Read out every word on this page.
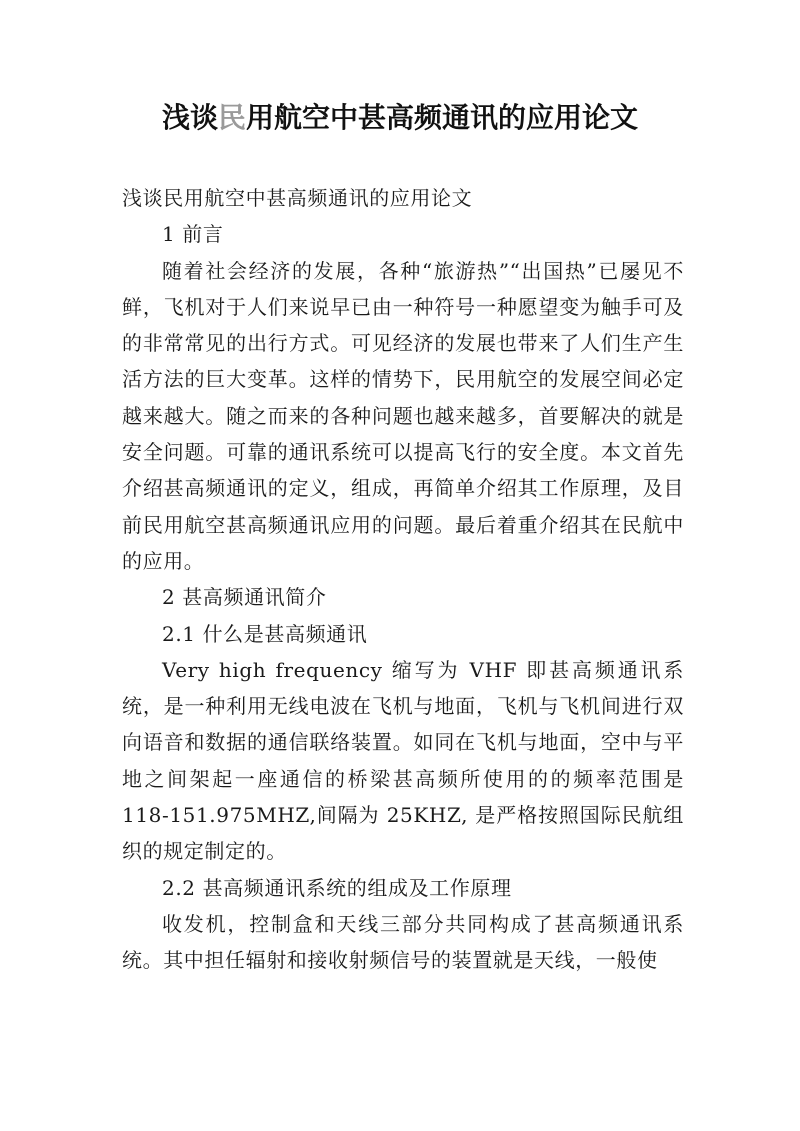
浅谈民用航空中甚高频通讯的应用论文

浅谈民用航空中甚高频通讯的应用论文

1 前言

随着社会经济的发展，各种“旅游热”“出国热”已屡见不鲜，飞机对于人们来说早已由一种符号一种愿望变为触手可及的非常常见的出行方式。可见经济的发展也带来了人们生产生活方法的巨大变革。这样的情势下，民用航空的发展空间必定越来越大。随之而来的各种问题也越来越多，首要解决的就是安全问题。可靠的通讯系统可以提高飞行的安全度。本文首先介绍甚高频通讯的定义，组成，再简单介绍其工作原理，及目前民用航空甚高频通讯应用的问题。最后着重介绍其在民航中的应用。

2 甚高频通讯简介

2.1 什么是甚高频通讯

Very high frequency 缩写为 VHF 即甚高频通讯系统，是一种利用无线电波在飞机与地面，飞机与飞机间进行双向语音和数据的通信联络装置。如同在飞机与地面，空中与平地之间架起一座通信的桥梁甚高频所使用的的频率范围是118-151.975MHZ,间隔为 25KHZ, 是严格按照国际民航组织的规定制定的。

2.2 甚高频通讯系统的组成及工作原理

收发机，控制盒和天线三部分共同构成了甚高频通讯系统。其中担任辐射和接收射频信号的装置就是天线，一般使
